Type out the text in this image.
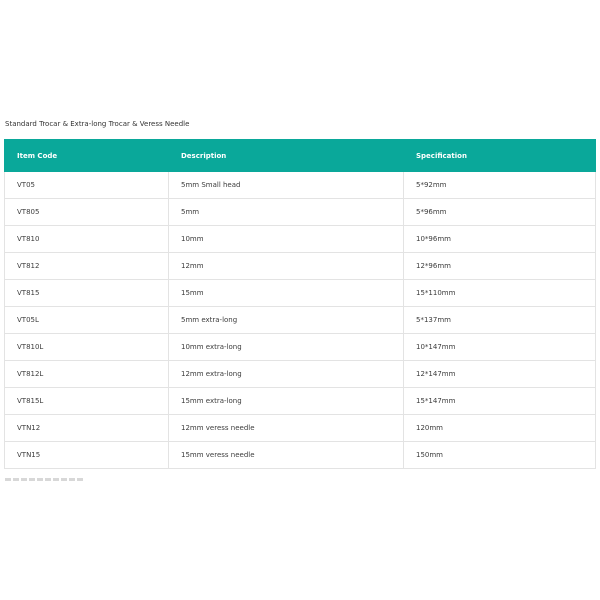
Standard Trocar & Extra-long Trocar & Veress Needle
Item Code	Description	Specification
VT05	5mm Small head	5*92mm
VT805	5mm	5*96mm
VT810	10mm	10*96mm
VT812	12mm	12*96mm
VT815	15mm	15*110mm
VT05L	5mm extra-long	5*137mm
VT810L	10mm extra-long	10*147mm
VT812L	12mm extra-long	12*147mm
VT815L	15mm extra-long	15*147mm
VTN12	12mm veress needle	120mm
VTN15	15mm veress needle	150mm
